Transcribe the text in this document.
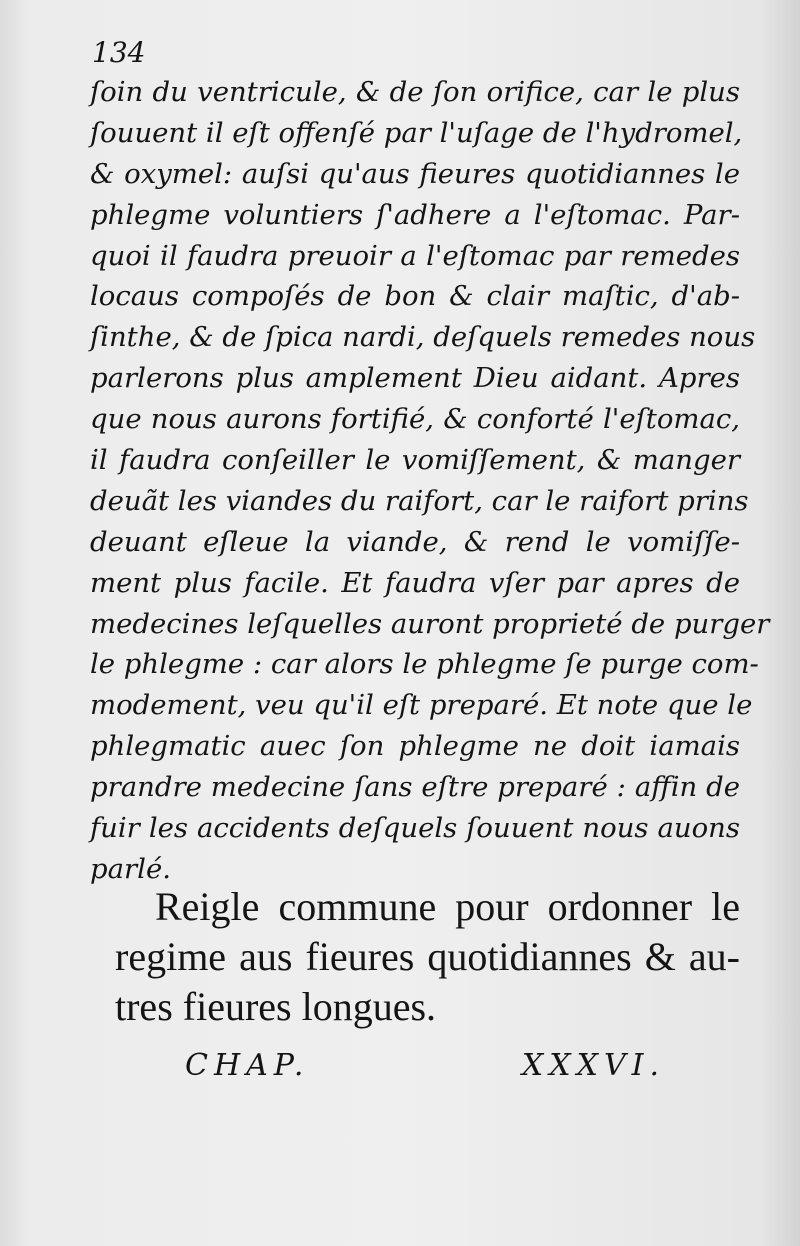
134
ſoin du ventricule, & de ſon orifice, car le plus
ſouuent il eſt offenſé par l'uſage de l'hydromel,
& oxymel: auſsi qu'aus fieures quotidiannes le
phlegme voluntiers ſ'adhere a l'eſtomac. Par-
quoi il faudra preuoir a l'eſtomac par remedes
locaus compoſés de bon & clair maſtic, d'ab-
ſinthe, & de ſpica nardi, deſquels remedes nous
parlerons plus amplement Dieu aidant. Apres
que nous aurons fortifié, & conforté l'eſtomac,
il faudra conſeiller le vomiſſement, & manger
deuãt les viandes du raifort, car le raifort prins
deuant eſleue la viande, & rend le vomiſſe-
ment plus facile. Et faudra vſer par apres de
medecines leſquelles auront proprieté de purger
le phlegme : car alors le phlegme ſe purge com-
modement, veu qu'il eſt preparé. Et note que le
phlegmatic auec ſon phlegme ne doit iamais
prandre medecine ſans eſtre preparé : affin de
fuir les accidents deſquels ſouuent nous auons
parlé.
Reigle commune pour ordonner le
regime aus fieures quotidiannes & au-
tres fieures longues.
CHAP. XXXVI.
